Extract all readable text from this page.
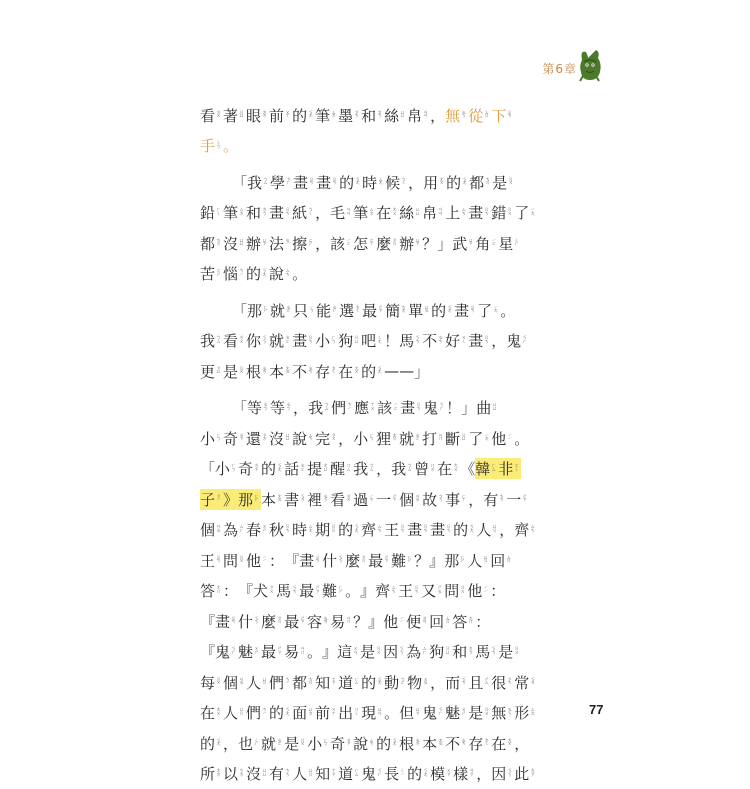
第6章
看 ㄌㄨ 著 ㄖㄩ 眼 ㄉㄌ 前 ㄨㄒ 的 ㄎㄤ 筆 ㄙㄉ 墨 ㄗㄘ 和 ㄉㄅ 絲 ㄩㄩ 帛 ㄢㄢ ， 無 ㄓㄎ 從 ㄙㄖ 下 ㄖㄘ
手 ㄑㄅ 。
「 我 ㄅㄙ 學 ㄗㄏ 畫 ㄖㄘ 畫 ㄖㄘ 的 ㄎㄤ 時 ㄙㄤ 候 ㄅㄑ ， 用 ㄤㄨ 的 ㄎㄤ 都 ㄘㄖ 是 ㄖㄨ
鉛 ㄏㄑ 筆 ㄙㄉ 和 ㄉㄅ 畫 ㄖㄘ 紙 ㄅㄑ ， 毛 ㄢㄢ 筆 ㄙㄉ 在 ㄤㄨ 絲 ㄩㄩ 帛 ㄢㄢ 上 ㄙㄘ 畫 ㄖㄘ 錯 ㄖㄨ 了 ㄧㄤ
都 ㄘㄖ 沒 ㄩㄩ 辦 ㄩㄗ 法 ㄓㄧ 擦 ㄛㄕ ， 該 ㄧㄛ 怎 ㄛㄒ 麼 ㄗㄖ 辦 ㄩㄗ ？ 」 武 ㄩㄗ 角 ㄧㄛ 星 ㄑㄏ
苦 ㄛㄕ 惱 ㄘㄧ 的 ㄎㄤ 說 ㄙㄘ 。
「 那 ㄏㄕ 就 ㄓㄛ 只 ㄧㄅ 能 ㄓㄏ 選 ㄉㄑ 最 ㄕㄗ 簡 ㄘㄤ 單 ㄩㄓ 的 ㄎㄤ 畫 ㄖㄘ 了 ㄧㄤ 。
我 ㄅㄙ 看 ㄌㄨ 你 ㄎㄎ 就 ㄓㄛ 畫 ㄖㄘ 小 ㄏㄅ 狗 ㄖㄩ 吧 ㄑㄤ ！ 馬 ㄎㄘ 不 ㄓㄘ 好 ㄨㄑ 畫 ㄖㄘ ， 鬼 ㄎㄏ
更 ㄗㄩ 是 ㄖㄨ 根 ㄓㄌ 本 ㄤㄓ 不 ㄓㄘ 存 ㄉㄑ 在 ㄤㄨ 的 ㄎㄤ — — 」
「 等 ㄓㄅ 等 ㄓㄅ ， 我 ㄅㄙ 們 ㄘㄧ 應 ㄒㄨ 該 ㄧㄛ 畫 ㄖㄘ 鬼 ㄎㄏ ！ 」 曲 ㄩㄩ
小 ㄏㄅ 奇 ㄌㄗ 還 ㄗㄉ 沒 ㄩㄩ 說 ㄙㄘ 完 ㄗㄨ ， 小 ㄏㄅ 狸 ㄤㄖ 就 ㄓㄛ 打 ㄢㄇ 斷 ㄖㄩ 了 ㄧㄤ 他 ㄧㄧ 。
「 小 ㄏㄅ 奇 ㄌㄗ 的 ㄎㄤ 話 ㄓㄛ 提 ㄤㄩ 醒 ㄇㄙ 我 ㄅㄙ ， 我 ㄅㄙ 曾 ㄇㄌ 在 ㄤㄨ 《 韓 ㄏㄙ 非 ㄛㄑ
子 ㄗㄧ 》 那 ㄏㄕ 本 ㄤㄓ 書 ㄎㄌ 裡 ㄓㄎ 看 ㄌㄨ 過 ㄧㄘ 一 ㄕㄗ 個 ㄢㄓ 故 ㄅㄎ 事 ㄏㄒ ， 有 ㄘㄘ 一 ㄕㄗ
個 ㄢㄓ 為 ㄙㄏ 春 ㄨㄕ 秋 ㄖㄘ 時 ㄙㄤ 期 ㄖㄖ 的 ㄎㄤ 齊 ㄙㄘ 王 ㄖㄘ 畫 ㄖㄘ 畫 ㄖㄘ 的 ㄎㄤ 人 ㄩㄖ ， 齊 ㄙㄘ
王 ㄖㄘ 問 ㄖㄨ 他 ㄧㄧ ： 『 畫 ㄖㄘ 什 ㄎㄎ 麼 ㄗㄖ 最 ㄕㄗ 難 ㄏㄕ ？ 』 那 ㄏㄕ 人 ㄩㄖ 回 ㄙㄖ
答 ㄤㄇ ： 『 犬 ㄗㄨ 馬 ㄎㄘ 最 ㄕㄗ 難 ㄏㄕ 。 』 齊 ㄙㄘ 王 ㄖㄘ 又 ㄕㄓ 問 ㄖㄨ 他 ㄧㄧ ：
『 畫 ㄖㄘ 什 ㄎㄎ 麼 ㄗㄖ 最 ㄕㄗ 容 ㄓㄌ 易 ㄢㄇ ？ 』 他 ㄧㄧ 便 ㄌㄢ 回 ㄙㄖ 答 ㄤㄇ ：
『 鬼 ㄎㄏ 魅 ㄨㄕ 最 ㄕㄗ 易 ㄢㄇ 。 』 這 ㄨㄢ 是 ㄖㄨ 因 ㄎㄎ 為 ㄙㄏ 狗 ㄖㄩ 和 ㄉㄅ 馬 ㄎㄘ 是 ㄖㄨ
每 ㄖㄨ 個 ㄢㄓ 人 ㄩㄖ 們 ㄘㄧ 都 ㄘㄖ 知 ㄒㄗ 道 ㄏㄙ 的 ㄎㄤ 動 ㄅㄛ 物 ㄨㄓ ， 而 ㄎㄘ 且 ㄕㄙ 很 ㄗㄘ 常 ㄎㄌ
在 ㄤㄨ 人 ㄩㄖ 們 ㄘㄧ 的 ㄎㄤ 面 ㄩㄉ 前 ㄨㄒ 出 ㄇㄑ 現 ㄩㄢ 。 但 ㄩㄗ 鬼 ㄎㄏ 魅 ㄨㄕ 是 ㄖㄨ 無 ㄓㄎ 形 ㄙㄤ
的 ㄎㄤ ， 也 ㄑㄏ 就 ㄓㄛ 是 ㄖㄨ 小 ㄏㄅ 奇 ㄌㄗ 說 ㄙㄘ 的 ㄎㄤ 根 ㄓㄌ 本 ㄤㄓ 不 ㄓㄘ 存 ㄉㄑ 在 ㄤㄨ ，
所 ㄤㄉ 以 ㄘㄉ 沒 ㄩㄩ 有 ㄘㄘ 人 ㄩㄖ 知 ㄒㄗ 道 ㄏㄙ 鬼 ㄎㄏ 長 ㄑㄧ 的 ㄎㄤ 模 ㄨㄗ 樣 ㄢㄗ ， 因 ㄎㄎ 此 ㄤㄗ
77
